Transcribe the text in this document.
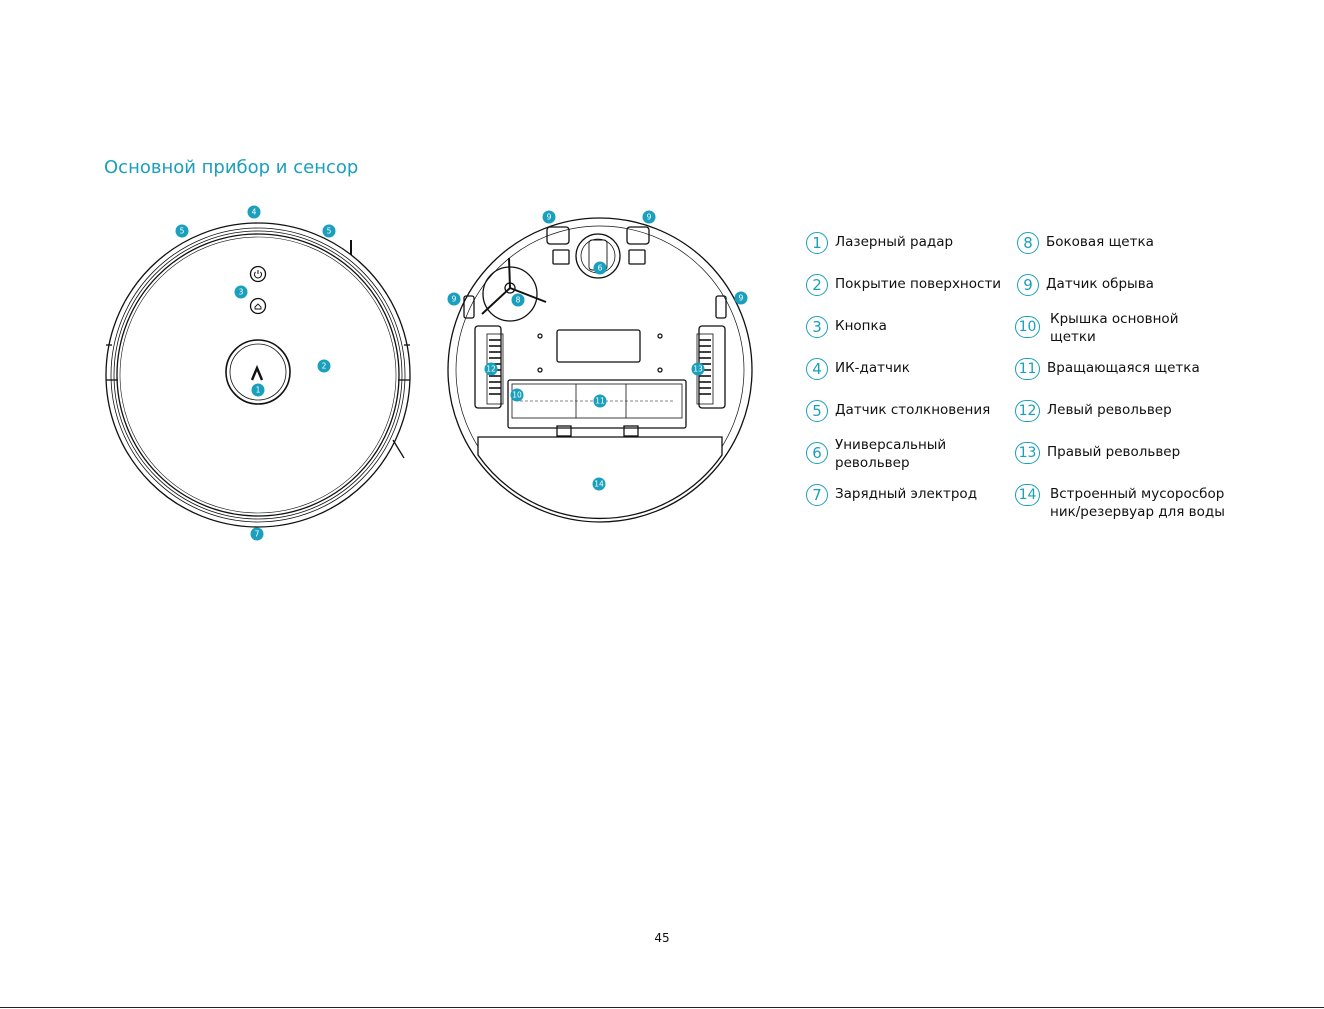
Основной прибор и сенсор
1
2
3
4
5	5
7
6
8
9	9
9	9
10
11
12	13
14
1 Лазерный радар
2 Покрытие поверхности
3 Кнопка
4 ИК-датчик
5 Датчик столкновения
6 Универсальный револьвер
7 Зарядный электрод
8 Боковая щетка
9 Датчик обрыва
10 Крышка основной щетки
11 Вращающаяся щетка
12 Левый револьвер
13 Правый револьвер
14 Встроенный мусоросборник/резервуар для воды
45
